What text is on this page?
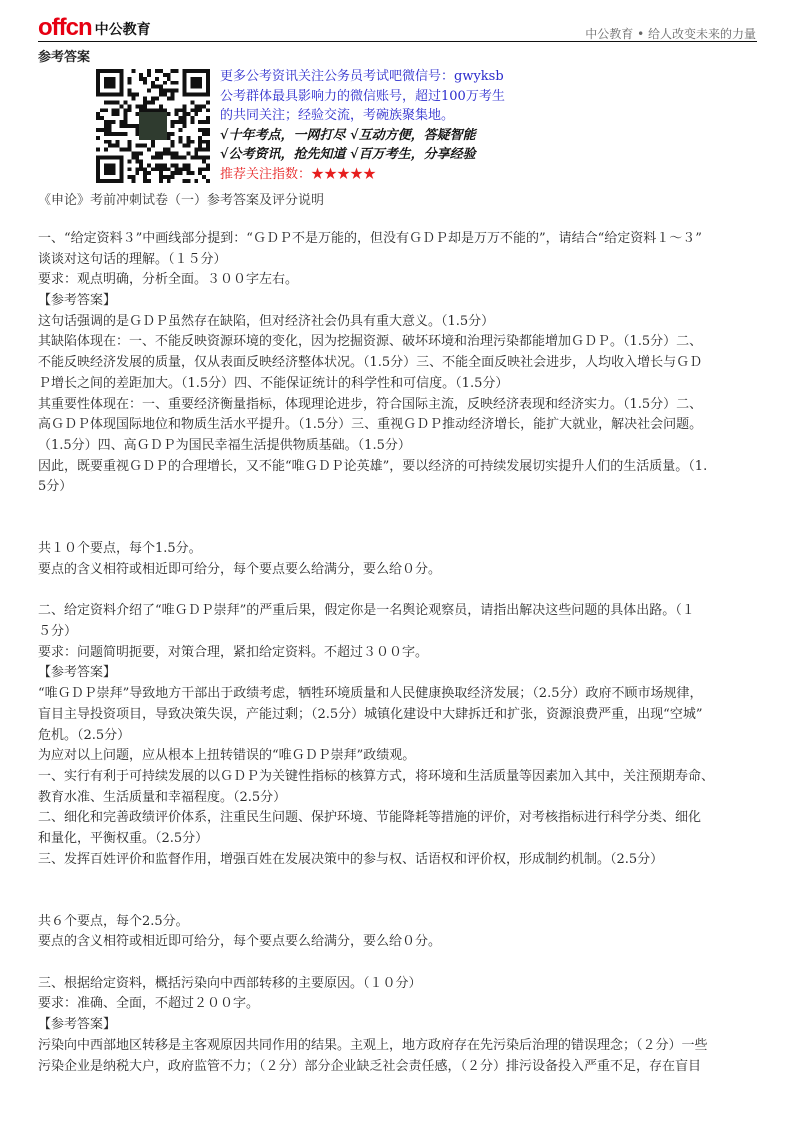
offcn 中公教育	中公教育 • 给人改变未来的力量
参考答案
更多公考资讯关注公务员考试吧微信号：gwyksb
公考群体最具影响力的微信账号，超过100万考生
的共同关注；经验交流，考碗族聚集地。
√十年考点，一网打尽 √互动方便，答疑智能
√公考资讯，抢先知道 √百万考生，分享经验
推荐关注指数：★★★★★
《申论》考前冲刺试卷（一）参考答案及评分说明
一、“给定资料３”中画线部分提到：“ＧＤＰ不是万能的，但没有ＧＤＰ却是万万不能的”，请结合“给定资料１～３”
谈谈对这句话的理解。（１５分）
要求：观点明确，分析全面。３００字左右。
【参考答案】
这句话强调的是ＧＤＰ虽然存在缺陷，但对经济社会仍具有重大意义。（1.5分）
其缺陷体现在：一、不能反映资源环境的变化，因为挖掘资源、破坏环境和治理污染都能增加ＧＤＰ。（1.5分）二、
不能反映经济发展的质量，仅从表面反映经济整体状况。（1.5分）三、不能全面反映社会进步，人均收入增长与ＧＤ
Ｐ增长之间的差距加大。（1.5分）四、不能保证统计的科学性和可信度。（1.5分）
其重要性体现在：一、重要经济衡量指标，体现理论进步，符合国际主流，反映经济表现和经济实力。（1.5分）二、
高ＧＤＰ体现国际地位和物质生活水平提升。（1.5分）三、重视ＧＤＰ推动经济增长，能扩大就业，解决社会问题。
（1.5分）四、高ＧＤＰ为国民幸福生活提供物质基础。（1.5分）
因此，既要重视ＧＤＰ的合理增长，又不能“唯ＧＤＰ论英雄”，要以经济的可持续发展切实提升人们的生活质量。（1.
5分）
共１０个要点，每个1.5分。
要点的含义相符或相近即可给分，每个要点要么给满分，要么给０分。
二、给定资料介绍了“唯ＧＤＰ崇拜”的严重后果，假定你是一名舆论观察员，请指出解决这些问题的具体出路。（１
５分）
要求：问题简明扼要，对策合理，紧扣给定资料。不超过３００字。
【参考答案】
“唯ＧＤＰ崇拜”导致地方干部出于政绩考虑，牺牲环境质量和人民健康换取经济发展；（2.5分）政府不顾市场规律，
盲目主导投资项目，导致决策失误，产能过剩；（2.5分）城镇化建设中大肆拆迁和扩张，资源浪费严重，出现“空城”
危机。（2.5分）
为应对以上问题，应从根本上扭转错误的“唯ＧＤＰ崇拜”政绩观。
一、实行有利于可持续发展的以ＧＤＰ为关键性指标的核算方式，将环境和生活质量等因素加入其中，关注预期寿命、
教育水准、生活质量和幸福程度。（2.5分）
二、细化和完善政绩评价体系，注重民生问题、保护环境、节能降耗等措施的评价，对考核指标进行科学分类、细化
和量化，平衡权重。（2.5分）
三、发挥百姓评价和监督作用，增强百姓在发展决策中的参与权、话语权和评价权，形成制约机制。（2.5分）
共６个要点，每个2.5分。
要点的含义相符或相近即可给分，每个要点要么给满分，要么给０分。
三、根据给定资料，概括污染向中西部转移的主要原因。（１０分）
要求：准确、全面，不超过２００字。
【参考答案】
污染向中西部地区转移是主客观原因共同作用的结果。主观上，地方政府存在先污染后治理的错误理念；（２分）一些
污染企业是纳税大户，政府监管不力；（２分）部分企业缺乏社会责任感，（２分）排污设备投入严重不足，存在盲目
